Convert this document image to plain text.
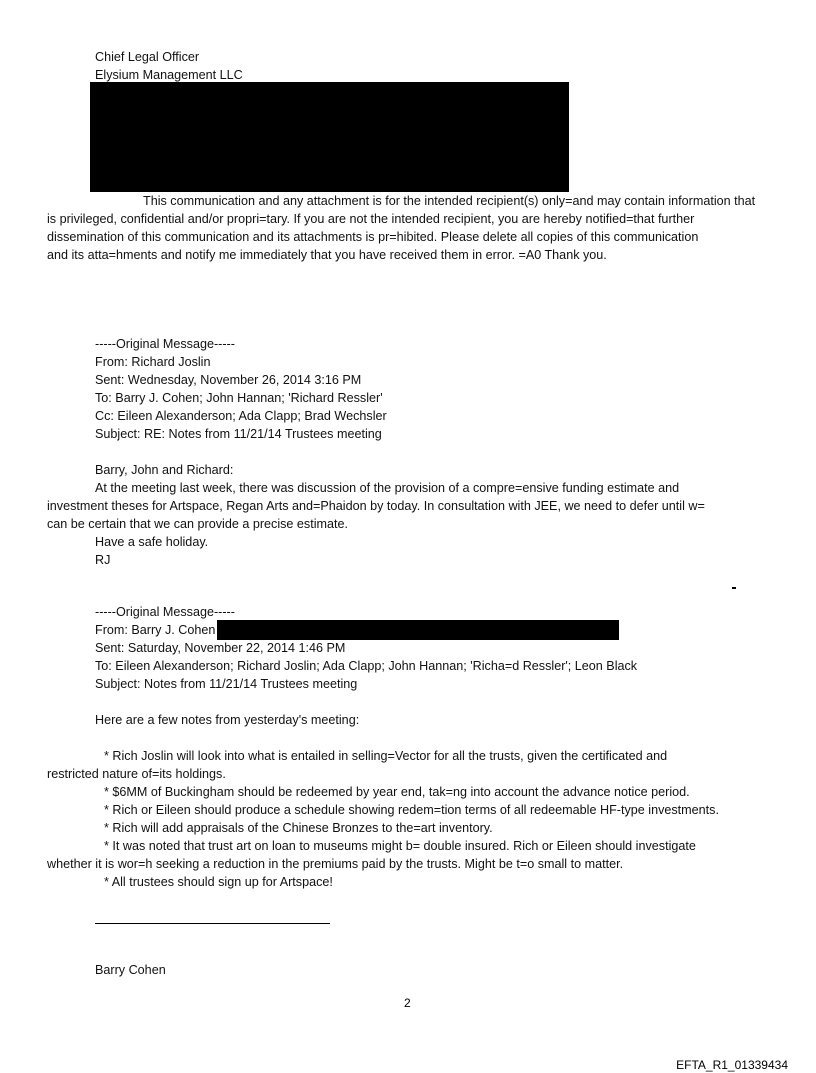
Chief Legal Officer
Elysium Management LLC
This communication and any attachment is for the intended recipient(s) only=and may contain information that
is privileged, confidential and/or propri=tary. If you are not the intended recipient, you are hereby notified=that further
dissemination of this communication and its attachments is pr=hibited. Please delete all copies of this communication
and its atta=hments and notify me immediately that you have received them in error. =A0 Thank you.
-----Original Message-----
From: Richard Joslin
Sent: Wednesday, November 26, 2014 3:16 PM
To: Barry J. Cohen; John Hannan; 'Richard Ressler'
Cc: Eileen Alexanderson; Ada Clapp; Brad Wechsler
Subject: RE: Notes from 11/21/14 Trustees meeting
Barry, John and Richard:
At the meeting last week, there was discussion of the provision of a compre=ensive funding estimate and
investment theses for Artspace, Regan Arts and=Phaidon by today. In consultation with JEE, we need to defer until w=
can be certain that we can provide a precise estimate.
Have a safe holiday.
RJ
-----Original Message-----
From: Barry J. Cohen
Sent: Saturday, November 22, 2014 1:46 PM
To: Eileen Alexanderson; Richard Joslin; Ada Clapp; John Hannan; 'Richa=d Ressler'; Leon Black
Subject: Notes from 11/21/14 Trustees meeting
Here are a few notes from yesterday's meeting:
* Rich Joslin will look into what is entailed in selling=Vector for all the trusts, given the certificated and
restricted nature of=its holdings.
* $6MM of Buckingham should be redeemed by year end, tak=ng into account the advance notice period.
* Rich or Eileen should produce a schedule showing redem=tion terms of all redeemable HF-type investments.
* Rich will add appraisals of the Chinese Bronzes to the=art inventory.
* It was noted that trust art on loan to museums might b= double insured. Rich or Eileen should investigate
whether it is wor=h seeking a reduction in the premiums paid by the trusts. Might be t=o small to matter.
* All trustees should sign up for Artspace!
Barry Cohen
2
EFTA_R1_01339434
